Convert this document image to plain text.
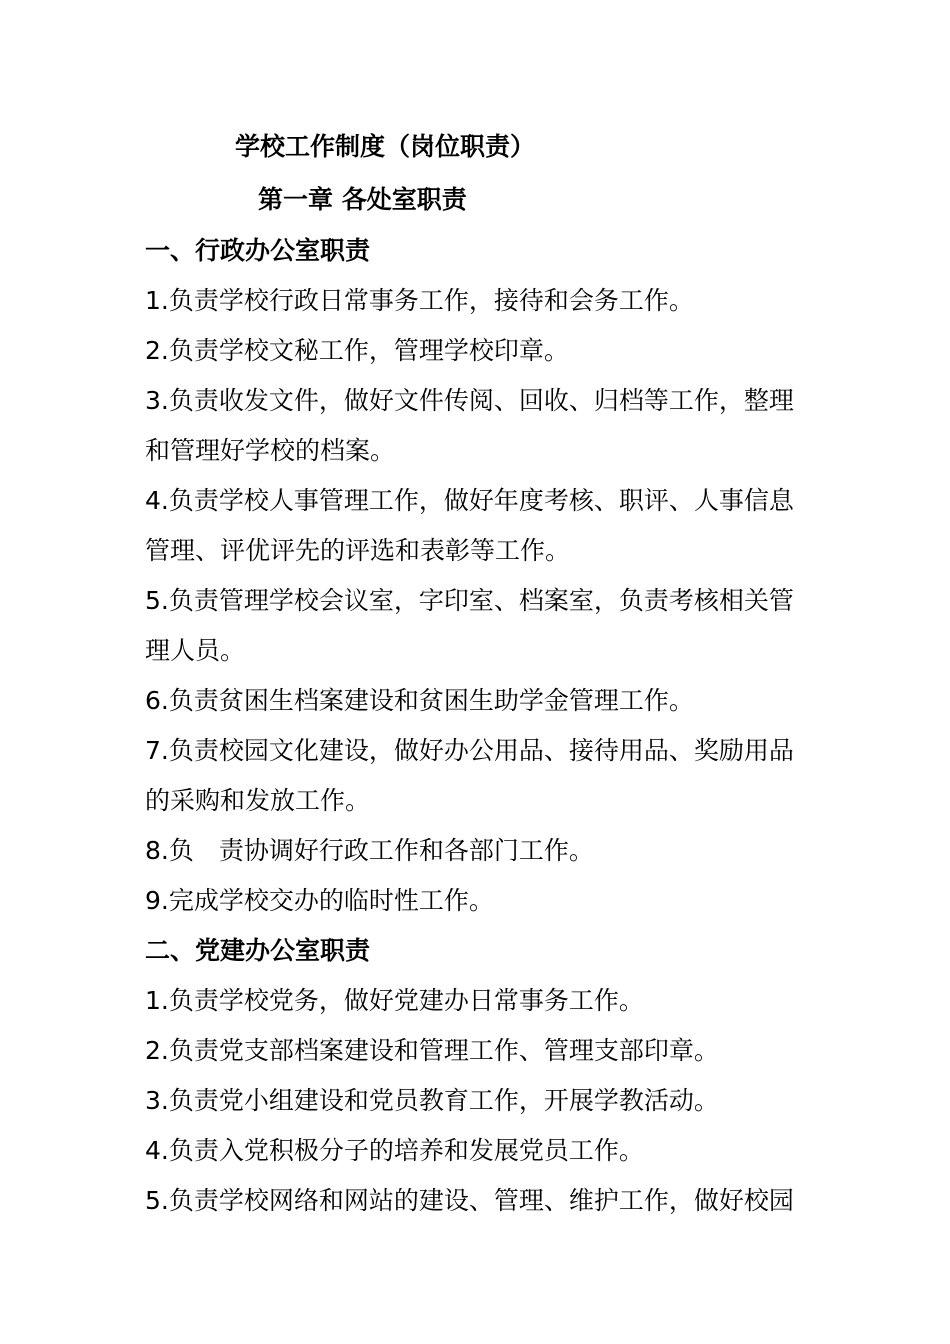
学校工作制度（岗位职责）
第一章 各处室职责
一、行政办公室职责

1.负责学校行政日常事务工作，接待和会务工作。

2.负责学校文秘工作，管理学校印章。

3.负责收发文件，做好文件传阅、回收、归档等工作，整理和管理好学校的档案。

4.负责学校人事管理工作，做好年度考核、职评、人事信息管理、评优评先的评选和表彰等工作。

5.负责管理学校会议室，字印室、档案室，负责考核相关管理人员。

6.负责贫困生档案建设和贫困生助学金管理工作。

7.负责校园文化建设，做好办公用品、接待用品、奖励用品的采购和发放工作。

8.负　责协调好行政工作和各部门工作。

9.完成学校交办的临时性工作。

二、党建办公室职责

1.负责学校党务，做好党建办日常事务工作。

2.负责党支部档案建设和管理工作、管理支部印章。

3.负责党小组建设和党员教育工作，开展学教活动。

4.负责入党积极分子的培养和发展党员工作。

5.负责学校网络和网站的建设、管理、维护工作，做好校园
